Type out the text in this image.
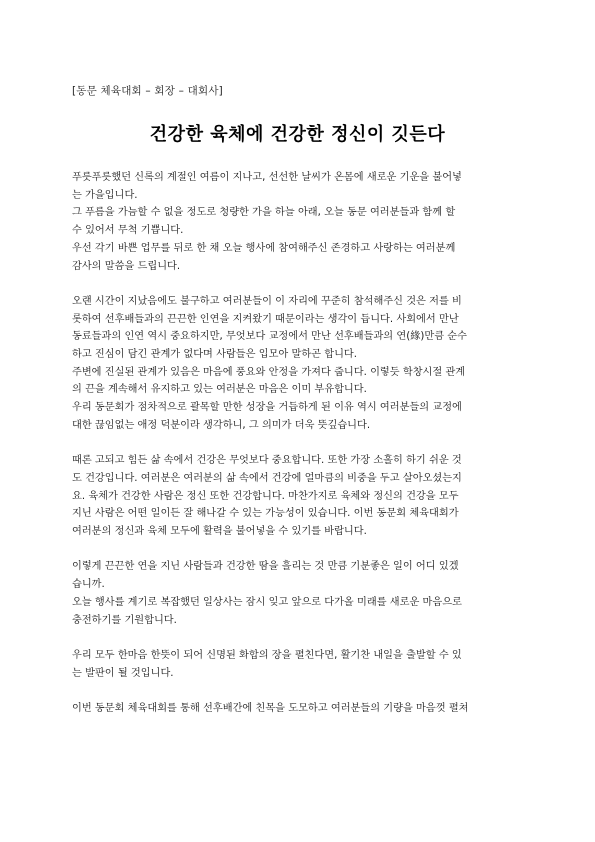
[동문 체육대회 – 회장 – 대회사]
건강한 육체에 건강한 정신이 깃든다
푸릇푸릇했던 신록의 계절인 여름이 지나고, 선선한 날씨가 온몸에 새로운 기운을 불어넣
는 가을입니다.
그 푸름을 가늠할 수 없을 정도로 청량한 가을 하늘 아래, 오늘 동문 여러분들과 함께 할
수 있어서 무척 기쁩니다.
우선 각기 바쁜 업무를 뒤로 한 채 오늘 행사에 참여해주신 존경하고 사랑하는 여러분께
감사의 말씀을 드립니다.
오랜 시간이 지났음에도 불구하고 여러분들이 이 자리에 꾸준히 참석해주신 것은 저를 비
롯하여 선후배들과의 끈끈한 인연을 지켜왔기 때문이라는 생각이 듭니다. 사회에서 만난
동료들과의 인연 역시 중요하지만, 무엇보다 교정에서 만난 선후배들과의 연(緣)만큼 순수
하고 진심이 담긴 관계가 없다며 사람들은 입모아 말하곤 합니다.
주변에 진실된 관계가 있음은 마음에 풍요와 안정을 가져다 줍니다. 이렇듯 학창시절 관계
의 끈을 계속해서 유지하고 있는 여러분은 마음은 이미 부유합니다.
우리 동문회가 점차적으로 괄목할 만한 성장을 거듭하게 된 이유 역시 여러분들의 교정에
대한 끊임없는 애정 덕분이라 생각하니, 그 의미가 더욱 뜻깊습니다.
때론 고되고 힘든 삶 속에서 건강은 무엇보다 중요합니다. 또한 가장 소홀히 하기 쉬운 것
도 건강입니다. 여러분은 여러분의 삶 속에서 건강에 얼마큼의 비중을 두고 살아오셨는지
요. 육체가 건강한 사람은 정신 또한 건강합니다. 마찬가지로 육체와 정신의 건강을 모두
지닌 사람은 어떤 일이든 잘 해나갈 수 있는 가능성이 있습니다. 이번 동문회 체육대회가
여러분의 정신과 육체 모두에 활력을 불어넣을 수 있기를 바랍니다.
이렇게 끈끈한 연을 지닌 사람들과 건강한 땀을 흘리는 것 만큼 기분좋은 일이 어디 있겠
습니까.
오늘 행사를 계기로 복잡했던 일상사는 잠시 잊고 앞으로 다가올 미래를 새로운 마음으로
충전하기를 기원합니다.
우리 모두 한마음 한뜻이 되어 신명된 화합의 장을 펼친다면, 활기찬 내일을 출발할 수 있
는 발판이 될 것입니다.
이번 동문회 체육대회를 통해 선후배간에 친목을 도모하고 여러분들의 기량을 마음껏 펼쳐
